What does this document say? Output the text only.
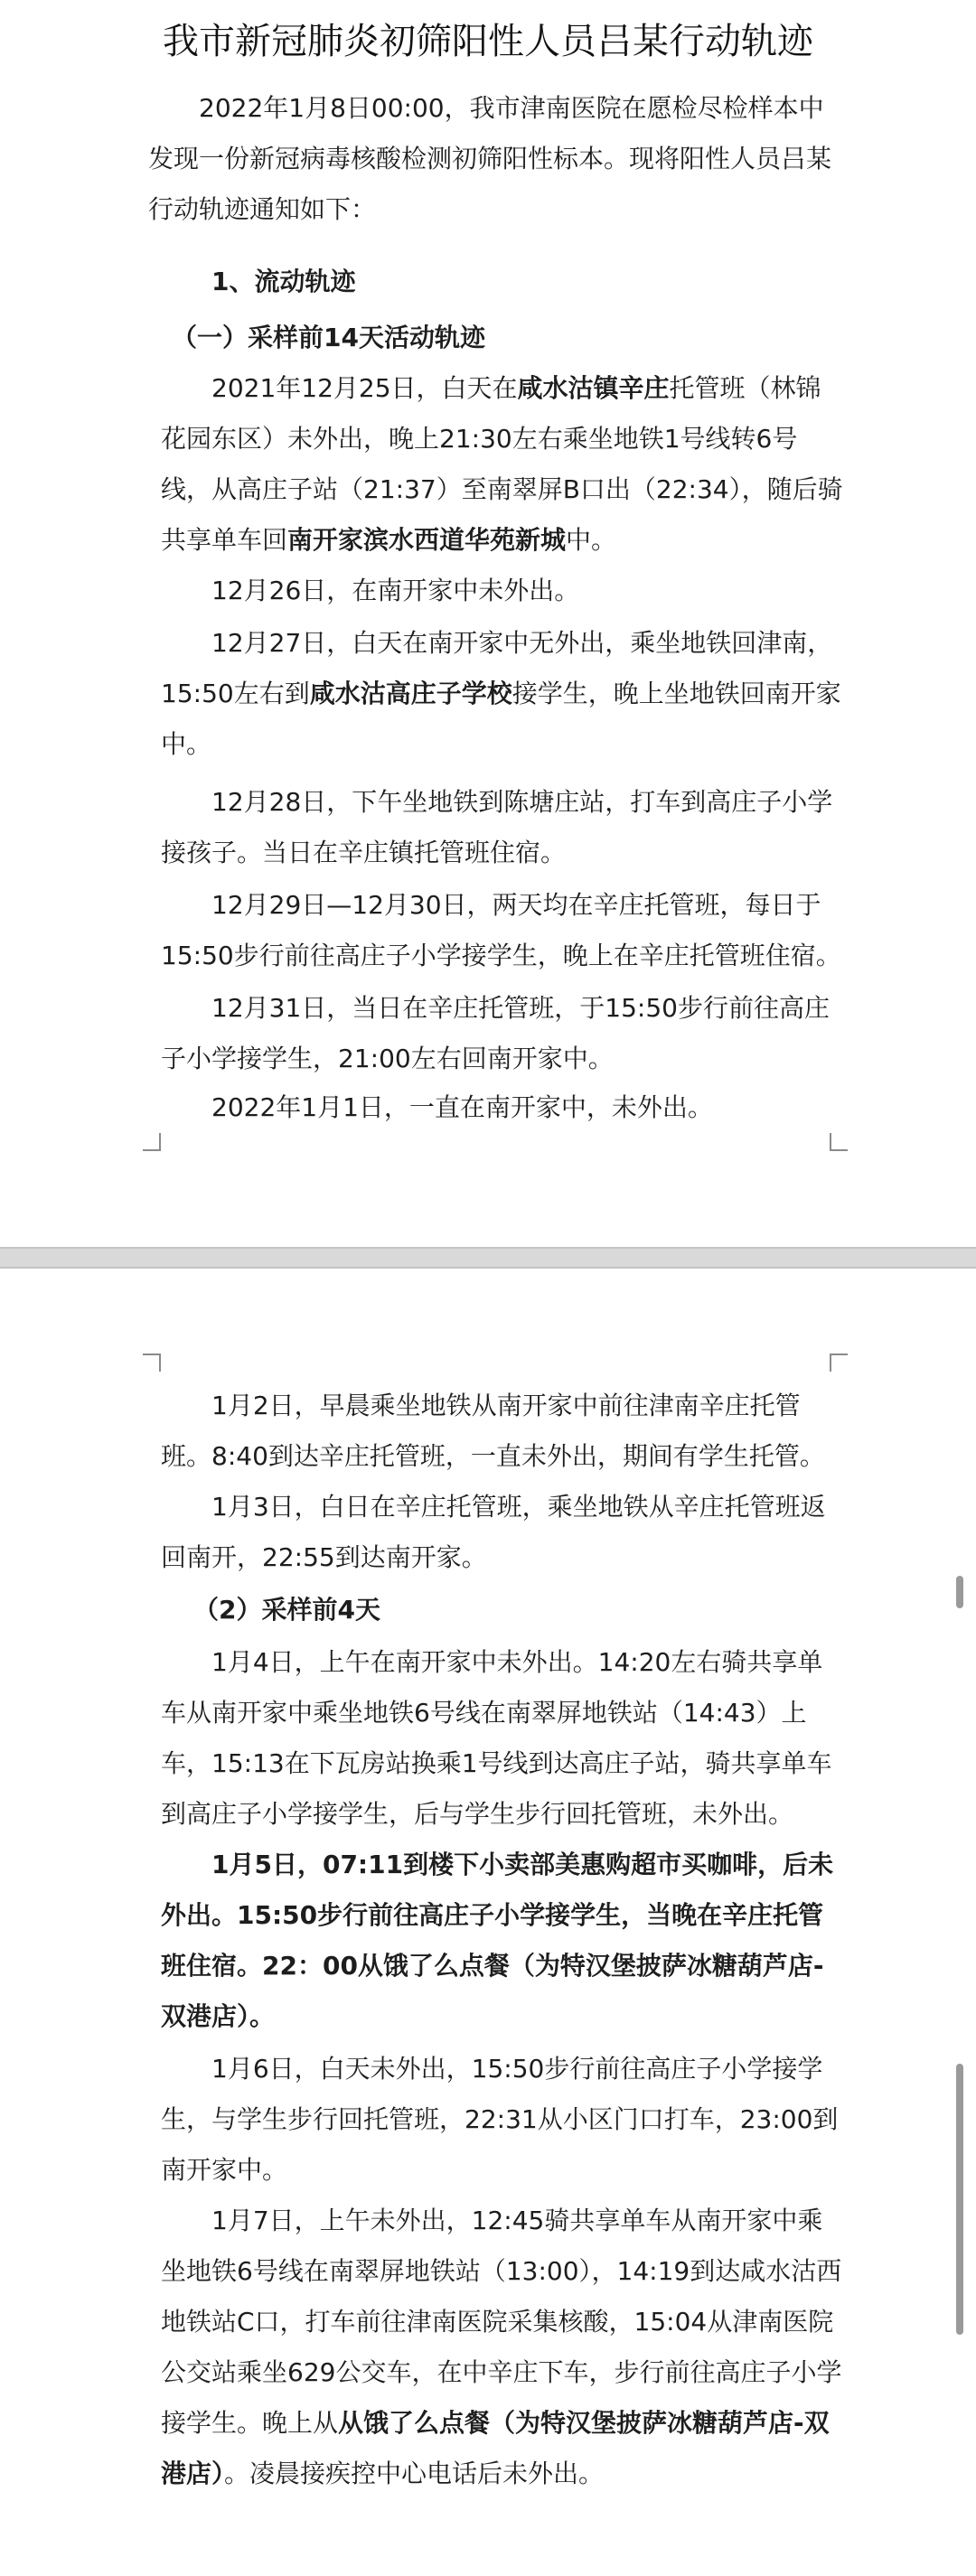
我市新冠肺炎初筛阳性人员吕某行动轨迹

2022年1月8日00:00，我市津南医院在愿检尽检样本中发现一份新冠病毒核酸检测初筛阳性标本。现将阳性人员吕某行动轨迹通知如下：

1、流动轨迹

（一）采样前14天活动轨迹

2021年12月25日，白天在咸水沽镇辛庄托管班（林锦花园东区）未外出，晚上21:30左右乘坐地铁1号线转6号线，从高庄子站（21:37）至南翠屏B口出（22:34），随后骑共享单车回南开家滨水西道华苑新城中。

12月26日，在南开家中未外出。

12月27日，白天在南开家中无外出，乘坐地铁回津南，15:50左右到咸水沽高庄子学校接学生，晚上坐地铁回南开家中。

12月28日，下午坐地铁到陈塘庄站，打车到高庄子小学接孩子。当日在辛庄镇托管班住宿。

12月29日—12月30日，两天均在辛庄托管班，每日于15:50步行前往高庄子小学接学生，晚上在辛庄托管班住宿。

12月31日，当日在辛庄托管班，于15:50步行前往高庄子小学接学生，21:00左右回南开家中。

2022年1月1日，一直在南开家中，未外出。

1月2日，早晨乘坐地铁从南开家中前往津南辛庄托管班。8:40到达辛庄托管班，一直未外出，期间有学生托管。

1月3日，白日在辛庄托管班，乘坐地铁从辛庄托管班返回南开，22:55到达南开家。

（2）采样前4天

1月4日，上午在南开家中未外出。14:20左右骑共享单车从南开家中乘坐地铁6号线在南翠屏地铁站（14:43）上车，15:13在下瓦房站换乘1号线到达高庄子站，骑共享单车到高庄子小学接学生，后与学生步行回托管班，未外出。

1月5日，07:11到楼下小卖部美惠购超市买咖啡，后未外出。15:50步行前往高庄子小学接学生，当晚在辛庄托管班住宿。22：00从饿了么点餐（为特汉堡披萨冰糖葫芦店-双港店）。

1月6日，白天未外出，15:50步行前往高庄子小学接学生，与学生步行回托管班，22:31从小区门口打车，23:00到南开家中。

1月7日，上午未外出，12:45骑共享单车从南开家中乘坐地铁6号线在南翠屏地铁站（13:00），14:19到达咸水沽西地铁站C口，打车前往津南医院采集核酸，15:04从津南医院公交站乘坐629公交车，在中辛庄下车，步行前往高庄子小学接学生。晚上从从饿了么点餐（为特汉堡披萨冰糖葫芦店-双港店）。凌晨接疾控中心电话后未外出。
